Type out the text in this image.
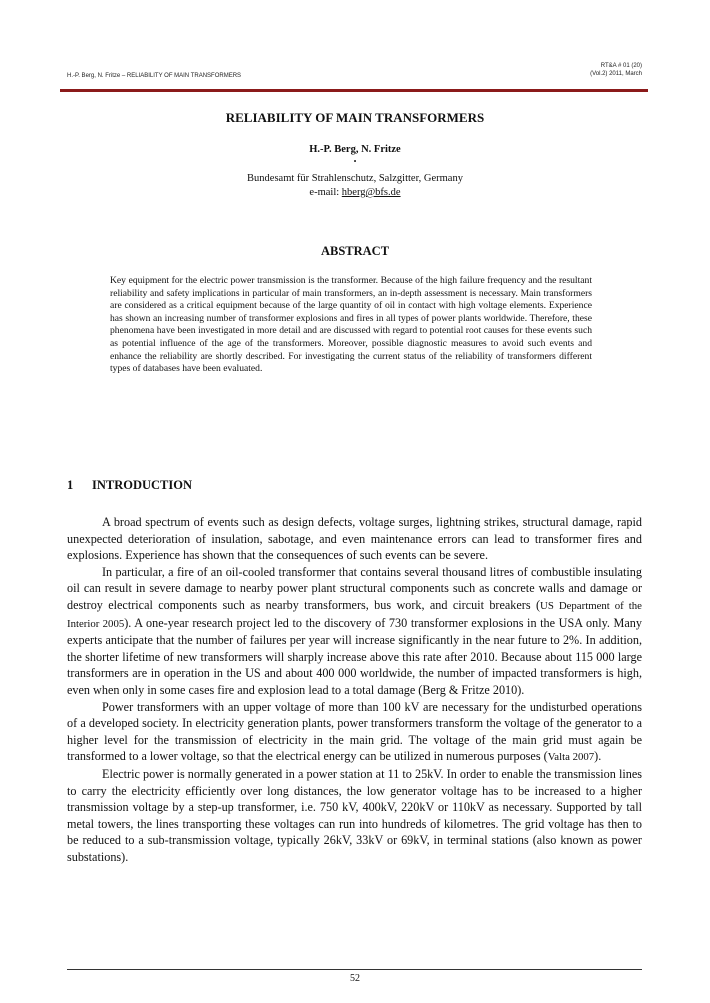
H.-P. Berg, N. Fritze – RELIABILITY OF MAIN TRANSFORMERS
RT&A # 01 (20)
(Vol.2) 2011, March
RELIABILITY OF MAIN TRANSFORMERS
H.-P. Berg, N. Fritze
•
Bundesamt für Strahlenschutz, Salzgitter, Germany
e-mail: hberg@bfs.de
ABSTRACT
Key equipment for the electric power transmission is the transformer. Because of the high failure frequency and the resultant reliability and safety implications in particular of main transformers, an in-depth assessment is necessary. Main transformers are considered as a critical equipment because of the large quantity of oil in contact with high voltage elements. Experience has shown an increasing number of transformer explosions and fires in all types of power plants worldwide. Therefore, these phenomena have been investigated in more detail and are discussed with regard to potential root causes for these events such as potential influence of the age of the transformers. Moreover, possible diagnostic measures to avoid such events and enhance the reliability are shortly described. For investigating the current status of the reliability of transformers different types of databases have been evaluated.
1 INTRODUCTION

A broad spectrum of events such as design defects, voltage surges, lightning strikes, structural damage, rapid unexpected deterioration of insulation, sabotage, and even maintenance errors can lead to transformer fires and explosions. Experience has shown that the consequences of such events can be severe.

In particular, a fire of an oil-cooled transformer that contains several thousand litres of combustible insulating oil can result in severe damage to nearby power plant structural components such as concrete walls and damage or destroy electrical components such as nearby transformers, bus work, and circuit breakers (US Department of the Interior 2005). A one-year research project led to the discovery of 730 transformer explosions in the USA only. Many experts anticipate that the number of failures per year will increase significantly in the near future to 2%. In addition, the shorter lifetime of new transformers will sharply increase above this rate after 2010. Because about 115 000 large transformers are in operation in the US and about 400 000 worldwide, the number of impacted transformers is high, even when only in some cases fire and explosion lead to a total damage (Berg & Fritze 2010).

Power transformers with an upper voltage of more than 100 kV are necessary for the undisturbed operations of a developed society. In electricity generation plants, power transformers transform the voltage of the generator to a higher level for the transmission of electricity in the main grid. The voltage of the main grid must again be transformed to a lower voltage, so that the electrical energy can be utilized in numerous purposes (Valta 2007).

Electric power is normally generated in a power station at 11 to 25kV. In order to enable the transmission lines to carry the electricity efficiently over long distances, the low generator voltage has to be increased to a higher transmission voltage by a step-up transformer, i.e. 750 kV, 400kV, 220kV or 110kV as necessary. Supported by tall metal towers, the lines transporting these voltages can run into hundreds of kilometres. The grid voltage has then to be reduced to a sub-transmission voltage, typically 26kV, 33kV or 69kV, in terminal stations (also known as power substations).

52
